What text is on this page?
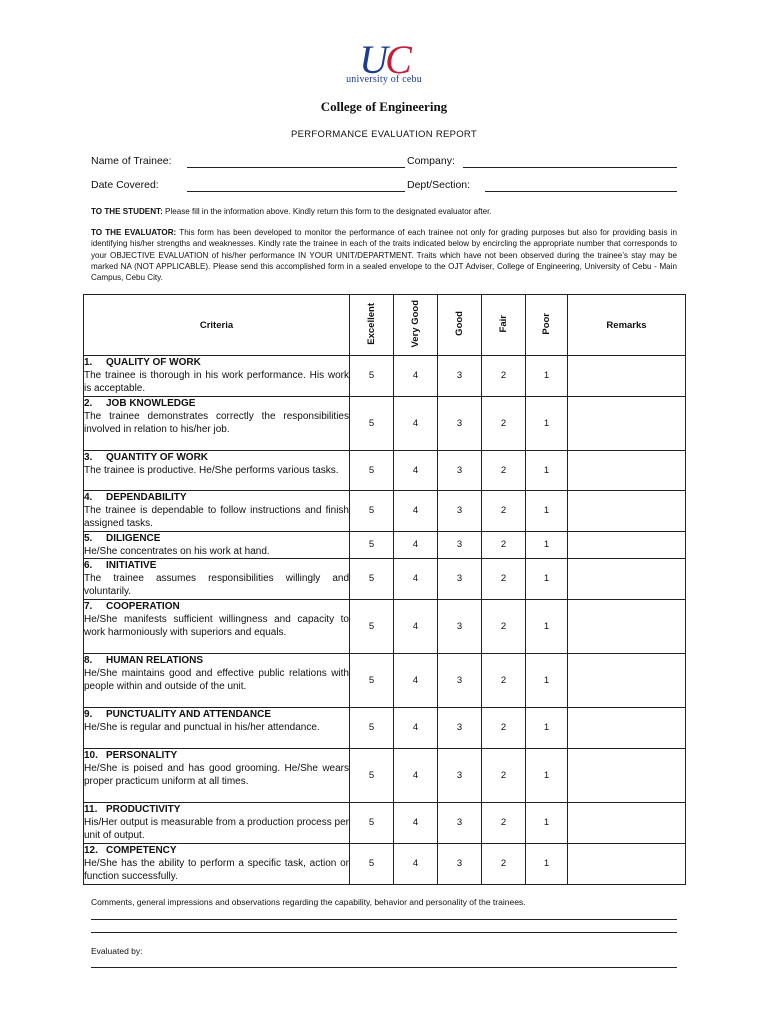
UC
university of cebu
College of Engineering
PERFORMANCE EVALUATION REPORT
Name of Trainee:	Company:
Date Covered:	Dept/Section:
TO THE STUDENT: Please fill in the information above. Kindly return this form to the designated evaluator after.
TO THE EVALUATOR: This form has been developed to monitor the performance of each trainee not only for grading purposes but also for providing basis in identifying his/her strengths and weaknesses. Kindly rate the trainee in each of the traits indicated below by encircling the appropriate number that corresponds to your OBJECTIVE EVALUATION of his/her performance IN YOUR UNIT/DEPARTMENT. Traits which have not been observed during the trainee’s stay may be marked NA (NOT APPLICABLE). Please send this accomplished form in a sealed envelope to the OJT Adviser, College of Engineering, University of Cebu - Main Campus, Cebu City.
Criteria	Excellent	Very Good	Good	Fair	Poor	Remarks

1. QUALITY OF WORK
The trainee is thorough in his work performance. His work is acceptable.	5	4	3	2	1	

2. JOB KNOWLEDGE
The trainee demonstrates correctly the responsibilities involved in relation to his/her job.	5	4	3	2	1	

3. QUANTITY OF WORK
The trainee is productive. He/She performs various tasks.	5	4	3	2	1	

4. DEPENDABILITY
The trainee is dependable to follow instructions and finish assigned tasks.	5	4	3	2	1	

5. DILIGENCE
He/She concentrates on his work at hand.	5	4	3	2	1	

6. INITIATIVE
The trainee assumes responsibilities willingly and voluntarily.	5	4	3	2	1	

7. COOPERATION
He/She manifests sufficient willingness and capacity to work harmoniously with superiors and equals.	5	4	3	2	1	

8. HUMAN RELATIONS
He/She maintains good and effective public relations with people within and outside of the unit.	5	4	3	2	1	

9. PUNCTUALITY AND ATTENDANCE
He/She is regular and punctual in his/her attendance.	5	4	3	2	1	

10. PERSONALITY
He/She is poised and has good grooming. He/She wears proper practicum uniform at all times.	5	4	3	2	1	

11. PRODUCTIVITY
His/Her output is measurable from a production process per unit of output.	5	4	3	2	1	

12. COMPETENCY
He/She has the ability to perform a specific task, action or function successfully.	5	4	3	2	1	
Comments, general impressions and observations regarding the capability, behavior and personality of the trainees.
Evaluated by:
